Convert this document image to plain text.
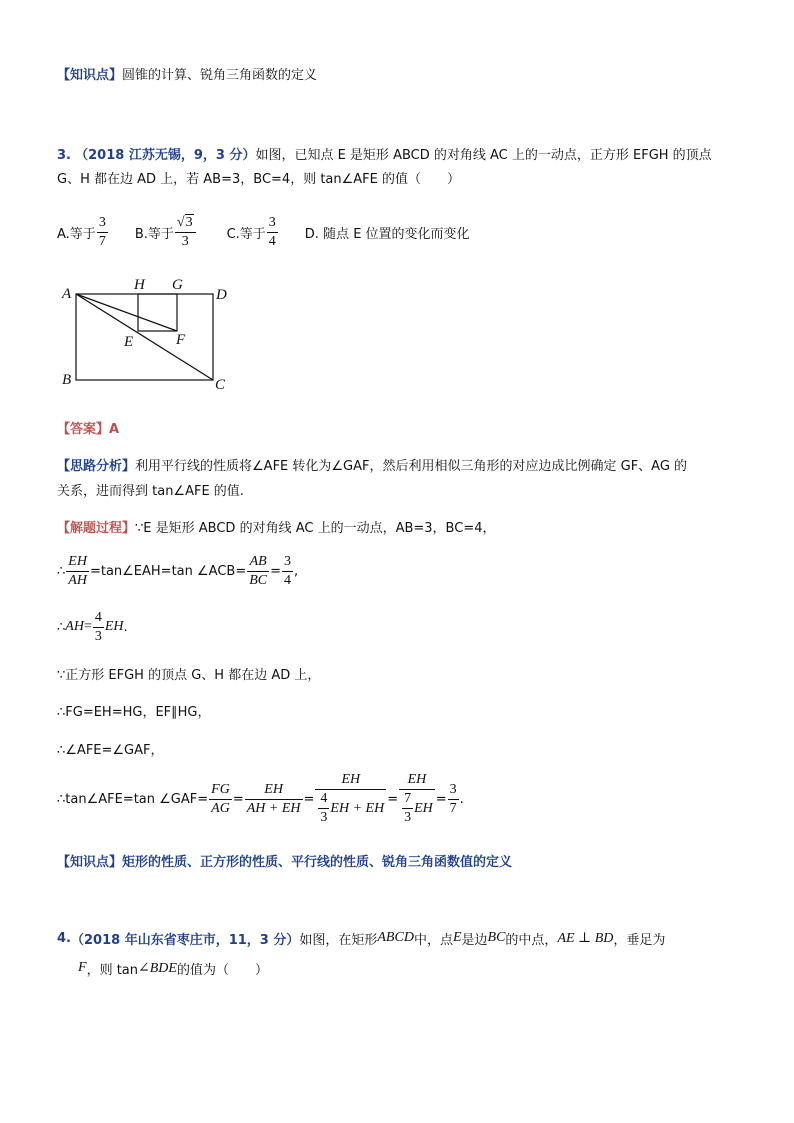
【知识点】圆锥的计算、锐角三角函数的定义
3. （2018 江苏无锡，9，3 分）如图，已知点 E 是矩形 ABCD 的对角线 AC 上的一动点，正方形 EFGH 的顶点
G、H 都在边 AD 上，若 AB=3，BC=4，则 tan∠AFE 的值（　　）
A.等于 $\frac{3}{7} B$.等于 $\frac{√3}{3} C$.等于 $\frac{3}{4} D$. 随点 E 位置的变化而变化
A
B	C
D
E	F
G
H
【答案】A
【思路分析】利用平行线的性质将∠AFE 转化为∠GAF，然后利用相似三角形的对应边成比例确定 GF、AG 的
关系，进而得到 tan∠AFE 的值.
【解题过程】∵E 是矩形 ABCD 的对角线 AC 上的一动点，AB=3，BC=4，
∴ $\frac{EH}{AH}$ =tan∠EAH=tan ∠ACB= $\frac{AB}{BC} = \frac{3}{4}$ ,
∴ AH = $\frac{4}{3}$ EH .
∵正方形 EFGH 的顶点 G、H 都在边 AD 上，
∴FG=EH=HG，EF∥HG，
∴∠AFE=∠GAF，
∴tan∠AFE=tan ∠GAF= $\frac{FG}{AG} = \frac{EH}{AH + EH} = \frac{EH}{\frac{4}{3} EH + EH} = \frac{EH}{\frac{7}{3} EH} = \frac{3}{7}$ .
【知识点】矩形的性质、正方形的性质、平行线的性质、锐角三角函数值的定义
4. （2018 年山东省枣庄市，11，3 分） 如图，在矩形 ABCD 中，点 E 是边 BC 的中点， AE ⊥ BD ，垂足为
F ，则 tan ∠BDE 的值为（　　）
